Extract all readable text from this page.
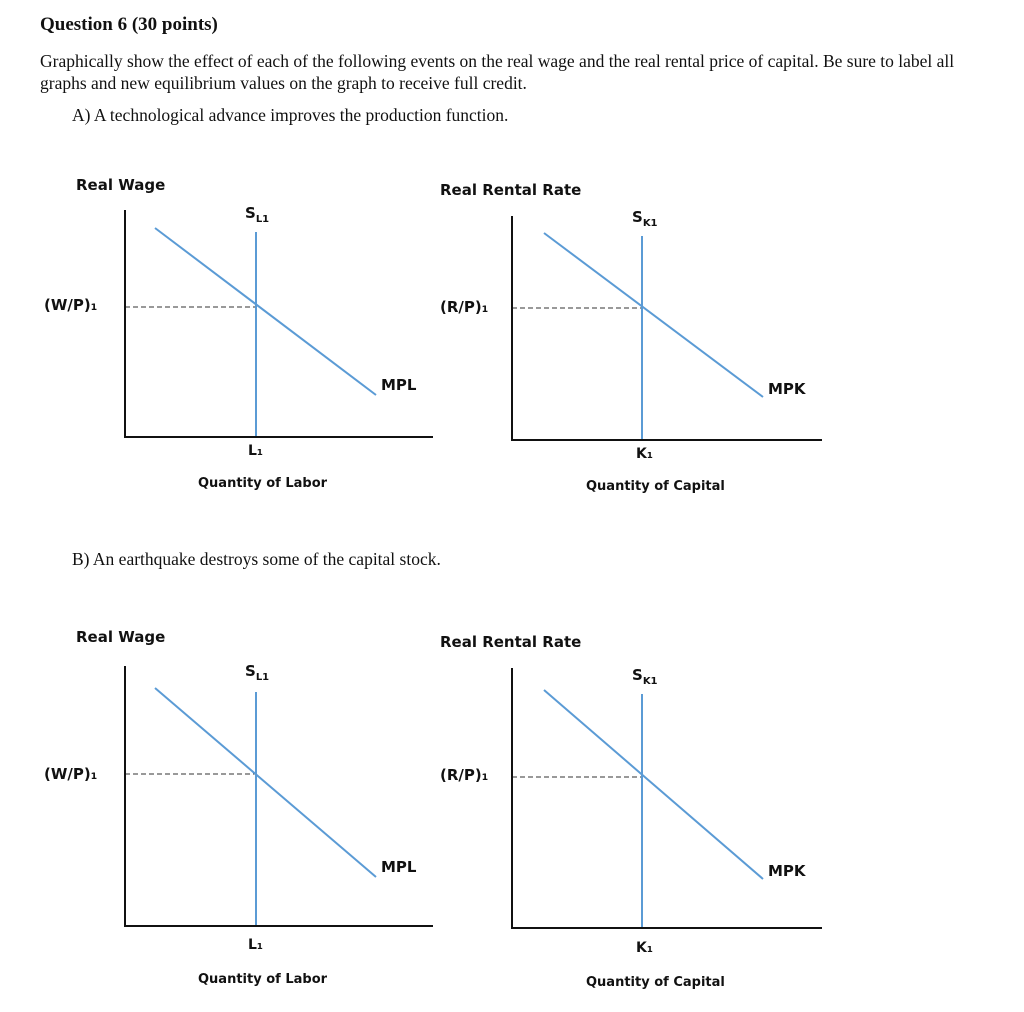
Question 6 (30 points)
Graphically show the effect of each of the following events on the real wage and the real rental price of capital. Be sure to label all graphs and new equilibrium values on the graph to receive full credit.
A) A technological advance improves the production function.
Real Wage
$S_{L1}$
(W/P)₁
MPL
L₁
Quantity of Labor
Real Rental Rate
$S_{K1}$
(R/P)₁
MPK
K₁
Quantity of Capital
B) An earthquake destroys some of the capital stock.
Real Wage
$S_{L1}$
(W/P)₁
MPL
L₁
Quantity of Labor
Real Rental Rate
$S_{K1}$
(R/P)₁
MPK
K₁
Quantity of Capital
